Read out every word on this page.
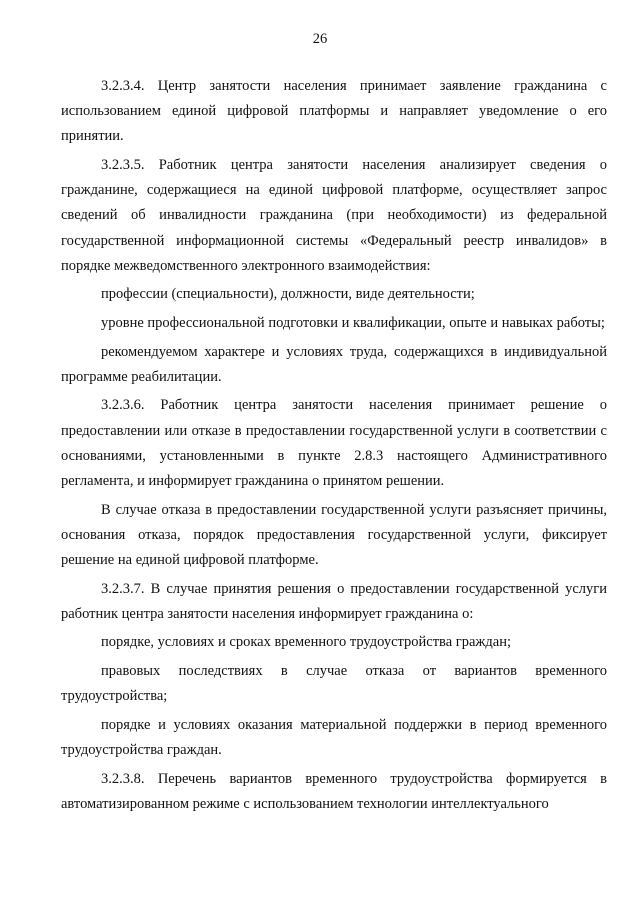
26

3.2.3.4. Центр занятости населения принимает заявление гражданина с использованием единой цифровой платформы и направляет уведомление о его принятии.

3.2.3.5. Работник центра занятости населения анализирует сведения о гражданине, содержащиеся на единой цифровой платформе, осуществляет запрос сведений об инвалидности гражданина (при необходимости) из федеральной государственной информационной системы «Федеральный реестр инвалидов» в порядке межведомственного электронного взаимодействия:

профессии (специальности), должности, виде деятельности;

уровне профессиональной подготовки и квалификации, опыте и навыках работы;

рекомендуемом характере и условиях труда, содержащихся в индивидуальной программе реабилитации.

3.2.3.6. Работник центра занятости населения принимает решение о предоставлении или отказе в предоставлении государственной услуги в соответствии с основаниями, установленными в пункте 2.8.3 настоящего Административного регламента, и информирует гражданина о принятом решении.

В случае отказа в предоставлении государственной услуги разъясняет причины, основания отказа, порядок предоставления государственной услуги, фиксирует решение на единой цифровой платформе.

3.2.3.7. В случае принятия решения о предоставлении государственной услуги работник центра занятости населения информирует гражданина о:

порядке, условиях и сроках временного трудоустройства граждан;

правовых последствиях в случае отказа от вариантов временного трудоустройства;

порядке и условиях оказания материальной поддержки в период временного трудоустройства граждан.

3.2.3.8. Перечень вариантов временного трудоустройства формируется в автоматизированном режиме с использованием технологии интеллектуального
